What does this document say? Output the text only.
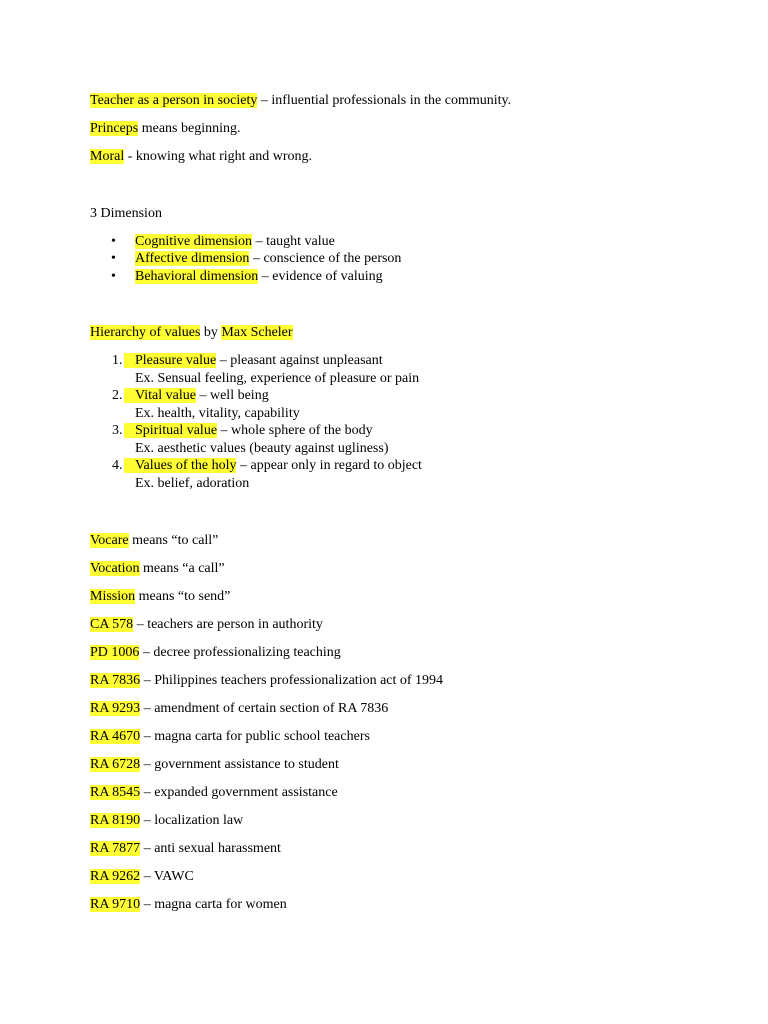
Teacher as a person in society – influential professionals in the community.
Princeps means beginning.
Moral - knowing what right and wrong.
3 Dimension
• Cognitive dimension – taught value
• Affective dimension – conscience of the person
• Behavioral dimension – evidence of valuing
Hierarchy of values by Max Scheler
1. Pleasure value – pleasant against unpleasant
Ex. Sensual feeling, experience of pleasure or pain
2. Vital value – well being
Ex. health, vitality, capability
3. Spiritual value – whole sphere of the body
Ex. aesthetic values (beauty against ugliness)
4. Values of the holy – appear only in regard to object
Ex. belief, adoration
Vocare means “to call”
Vocation means “a call”
Mission means “to send”
CA 578 – teachers are person in authority
PD 1006 – decree professionalizing teaching
RA 7836 – Philippines teachers professionalization act of 1994
RA 9293 – amendment of certain section of RA 7836
RA 4670 – magna carta for public school teachers
RA 6728 – government assistance to student
RA 8545 – expanded government assistance
RA 8190 – localization law
RA 7877 – anti sexual harassment
RA 9262 – VAWC
RA 9710 – magna carta for women
